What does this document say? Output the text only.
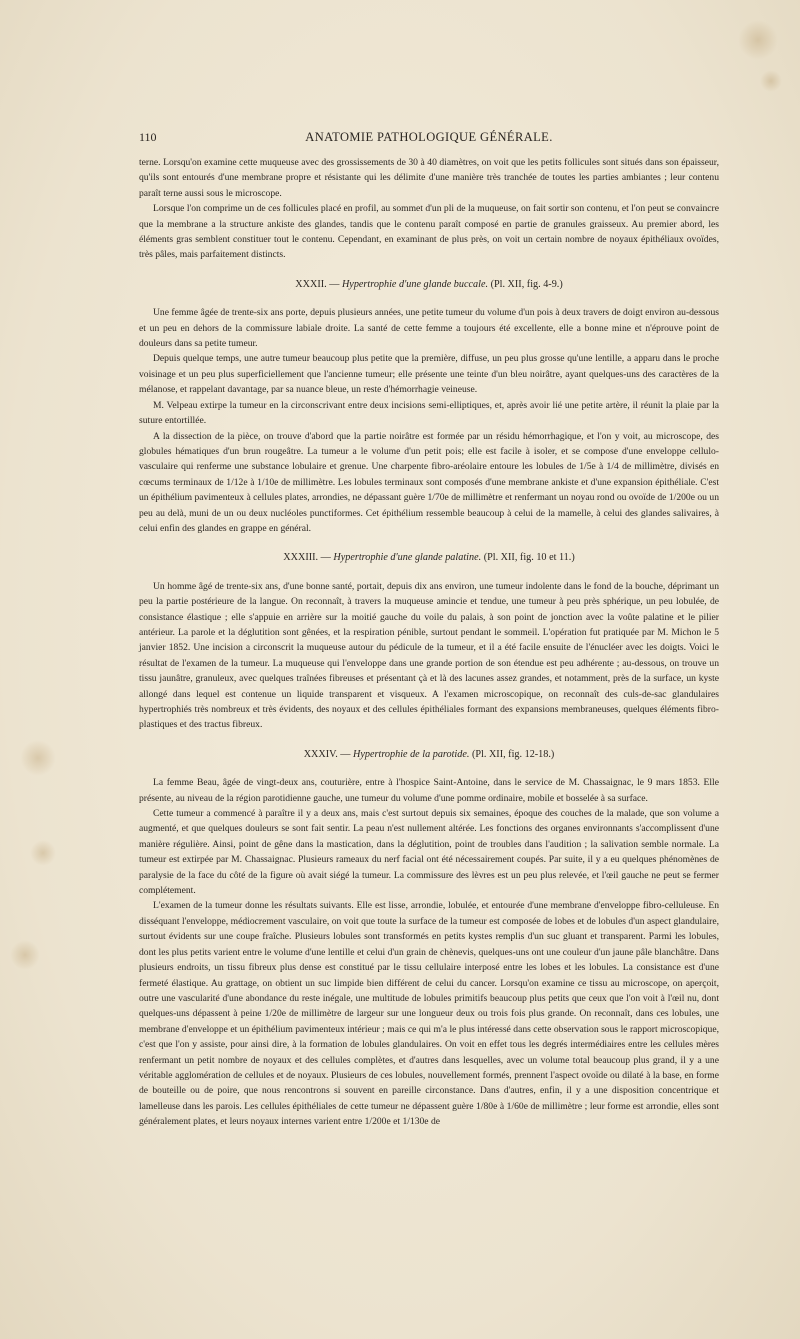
110	ANATOMIE PATHOLOGIQUE GÉNÉRALE.

terne. Lorsqu'on examine cette muqueuse avec des grossissements de 30 à 40 diamètres, on voit que les petits follicules sont situés dans son épaisseur, qu'ils sont entourés d'une membrane propre et résistante qui les délimite d'une manière très tranchée de toutes les parties ambiantes ; leur contenu paraît terne aussi sous le microscope.

Lorsque l'on comprime un de ces follicules placé en profil, au sommet d'un pli de la muqueuse, on fait sortir son contenu, et l'on peut se convaincre que la membrane a la structure ankiste des glandes, tandis que le contenu paraît composé en partie de granules graisseux. Au premier abord, les éléments gras semblent constituer tout le contenu. Cependant, en examinant de plus près, on voit un certain nombre de noyaux épithéliaux ovoïdes, très pâles, mais parfaitement distincts.

XXXII. — Hypertrophie d'une glande buccale. (Pl. XII, fig. 4-9.)

Une femme âgée de trente-six ans porte, depuis plusieurs années, une petite tumeur du volume d'un pois à deux travers de doigt environ au-dessous et un peu en dehors de la commissure labiale droite. La santé de cette femme a toujours été excellente, elle a bonne mine et n'éprouve point de douleurs dans sa petite tumeur.

Depuis quelque temps, une autre tumeur beaucoup plus petite que la première, diffuse, un peu plus grosse qu'une lentille, a apparu dans le proche voisinage et un peu plus superficiellement que l'ancienne tumeur; elle présente une teinte d'un bleu noirâtre, ayant quelques-uns des caractères de la mélanose, et rappelant davantage, par sa nuance bleue, un reste d'hémorrhagie veineuse.

M. Velpeau extirpe la tumeur en la circonscrivant entre deux incisions semi-elliptiques, et, après avoir lié une petite artère, il réunit la plaie par la suture entortillée.

A la dissection de la pièce, on trouve d'abord que la partie noirâtre est formée par un résidu hémorrhagique, et l'on y voit, au microscope, des globules hématiques d'un brun rougeâtre. La tumeur a le volume d'un petit pois; elle est facile à isoler, et se compose d'une enveloppe cellulo-vasculaire qui renferme une substance lobulaire et grenue. Une charpente fibro-aréolaire entoure les lobules de 1/5e à 1/4 de millimètre, divisés en cœcums terminaux de 1/12e à 1/10e de millimètre. Les lobules terminaux sont composés d'une membrane ankiste et d'une expansion épithéliale. C'est un épithélium pavimenteux à cellules plates, arrondies, ne dépassant guère 1/70e de millimètre et renfermant un noyau rond ou ovoïde de 1/200e ou un peu au delà, muni de un ou deux nucléoles punctiformes. Cet épithélium ressemble beaucoup à celui de la mamelle, à celui des glandes salivaires, à celui enfin des glandes en grappe en général.

XXXIII. — Hypertrophie d'une glande palatine. (Pl. XII, fig. 10 et 11.)

Un homme âgé de trente-six ans, d'une bonne santé, portait, depuis dix ans environ, une tumeur indolente dans le fond de la bouche, déprimant un peu la partie postérieure de la langue. On reconnaît, à travers la muqueuse amincie et tendue, une tumeur à peu près sphérique, un peu lobulée, de consistance élastique ; elle s'appuie en arrière sur la moitié gauche du voile du palais, à son point de jonction avec la voûte palatine et le pilier antérieur. La parole et la déglutition sont gênées, et la respiration pénible, surtout pendant le sommeil. L'opération fut pratiquée par M. Michon le 5 janvier 1852. Une incision a circonscrit la muqueuse autour du pédicule de la tumeur, et il a été facile ensuite de l'énucléer avec les doigts. Voici le résultat de l'examen de la tumeur. La muqueuse qui l'enveloppe dans une grande portion de son étendue est peu adhérente ; au-dessous, on trouve un tissu jaunâtre, granuleux, avec quelques traînées fibreuses et présentant çà et là des lacunes assez grandes, et notamment, près de la surface, un kyste allongé dans lequel est contenue un liquide transparent et visqueux. A l'examen microscopique, on reconnaît des culs-de-sac glandulaires hypertrophiés très nombreux et très évidents, des noyaux et des cellules épithéliales formant des expansions membraneuses, quelques éléments fibro-plastiques et des tractus fibreux.

XXXIV. — Hypertrophie de la parotide. (Pl. XII, fig. 12-18.)

La femme Beau, âgée de vingt-deux ans, couturière, entre à l'hospice Saint-Antoine, dans le service de M. Chassaignac, le 9 mars 1853. Elle présente, au niveau de la région parotidienne gauche, une tumeur du volume d'une pomme ordinaire, mobile et bosselée à sa surface.

Cette tumeur a commencé à paraître il y a deux ans, mais c'est surtout depuis six semaines, époque des couches de la malade, que son volume a augmenté, et que quelques douleurs se sont fait sentir. La peau n'est nullement altérée. Les fonctions des organes environnants s'accomplissent d'une manière régulière. Ainsi, point de gêne dans la mastication, dans la déglutition, point de troubles dans l'audition ; la salivation semble normale. La tumeur est extirpée par M. Chassaignac. Plusieurs rameaux du nerf facial ont été nécessairement coupés. Par suite, il y a eu quelques phénomènes de paralysie de la face du côté de la figure où avait siégé la tumeur. La commissure des lèvres est un peu plus relevée, et l'œil gauche ne peut se fermer complétement.

L'examen de la tumeur donne les résultats suivants. Elle est lisse, arrondie, lobulée, et entourée d'une membrane d'enveloppe fibro-celluleuse. En disséquant l'enveloppe, médiocrement vasculaire, on voit que toute la surface de la tumeur est composée de lobes et de lobules d'un aspect glandulaire, surtout évidents sur une coupe fraîche. Plusieurs lobules sont transformés en petits kystes remplis d'un suc gluant et transparent. Parmi les lobules, dont les plus petits varient entre le volume d'une lentille et celui d'un grain de chènevis, quelques-uns ont une couleur d'un jaune pâle blanchâtre. Dans plusieurs endroits, un tissu fibreux plus dense est constitué par le tissu cellulaire interposé entre les lobes et les lobules. La consistance est d'une fermeté élastique. Au grattage, on obtient un suc limpide bien différent de celui du cancer. Lorsqu'on examine ce tissu au microscope, on aperçoit, outre une vascularité d'une abondance du reste inégale, une multitude de lobules primitifs beaucoup plus petits que ceux que l'on voit à l'œil nu, dont quelques-uns dépassent à peine 1/20e de millimètre de largeur sur une longueur deux ou trois fois plus grande. On reconnaît, dans ces lobules, une membrane d'enveloppe et un épithélium pavimenteux intérieur ; mais ce qui m'a le plus intéressé dans cette observation sous le rapport microscopique, c'est que l'on y assiste, pour ainsi dire, à la formation de lobules glandulaires. On voit en effet tous les degrés intermédiaires entre les cellules mères renfermant un petit nombre de noyaux et des cellules complètes, et d'autres dans lesquelles, avec un volume total beaucoup plus grand, il y a une véritable agglomération de cellules et de noyaux. Plusieurs de ces lobules, nouvellement formés, prennent l'aspect ovoïde ou dilaté à la base, en forme de bouteille ou de poire, que nous rencontrons si souvent en pareille circonstance. Dans d'autres, enfin, il y a une disposition concentrique et lamelleuse dans les parois. Les cellules épithéliales de cette tumeur ne dépassent guère 1/80e à 1/60e de millimètre ; leur forme est arrondie, elles sont généralement plates, et leurs noyaux internes varient entre 1/200e et 1/130e de
